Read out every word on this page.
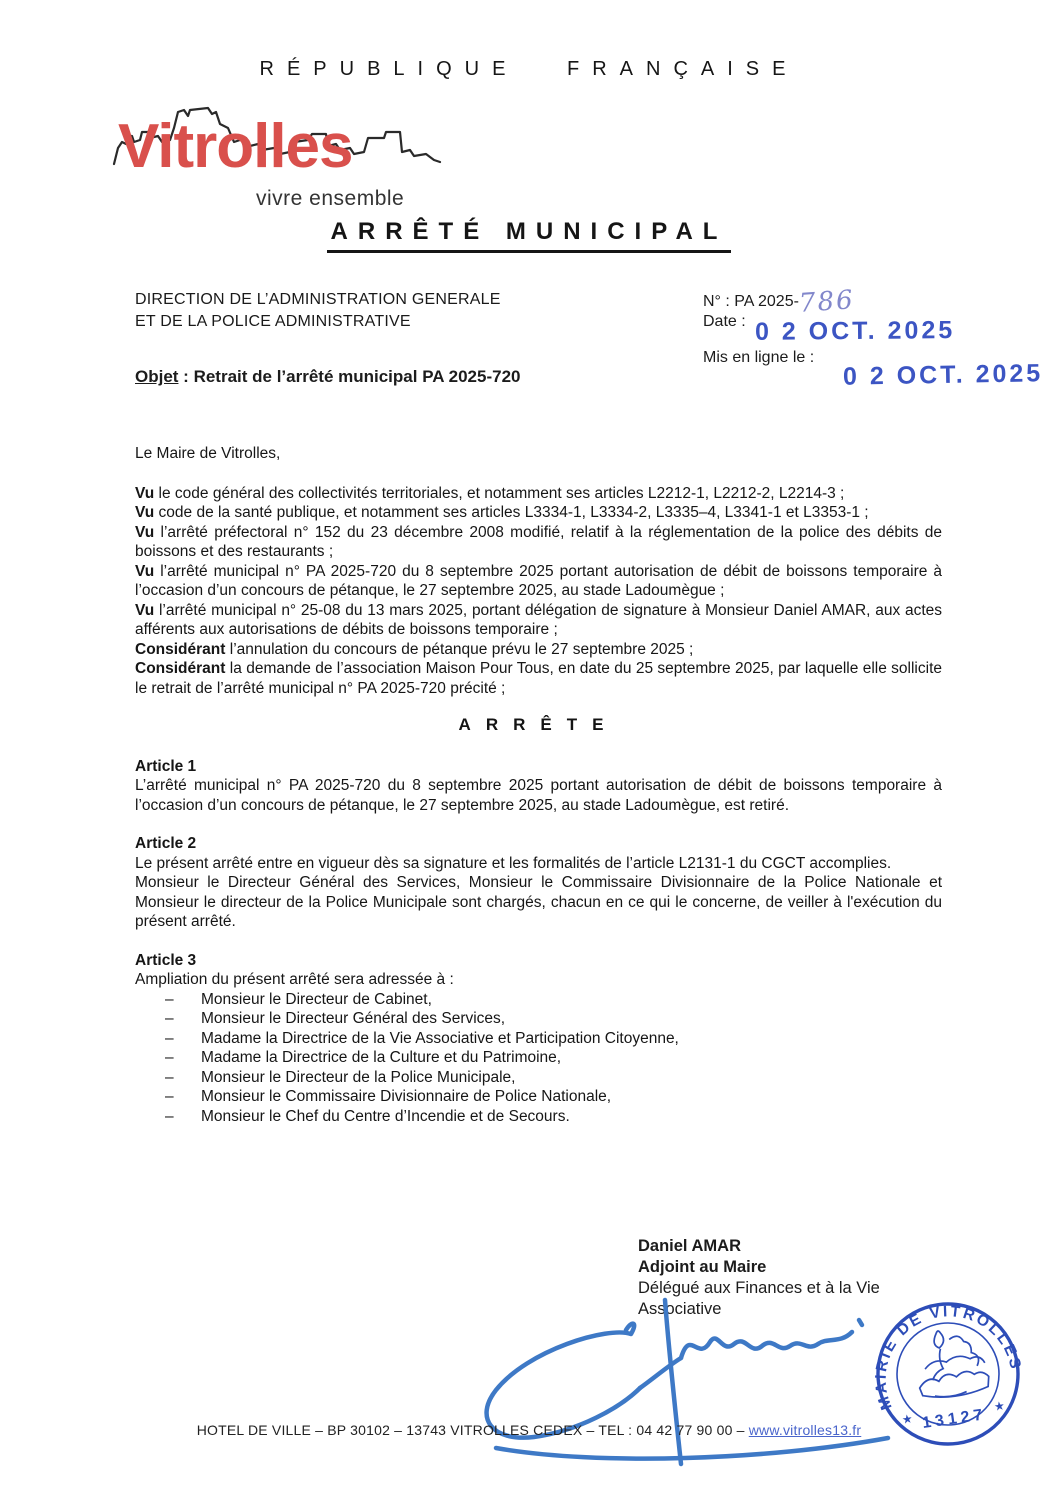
RÉPUBLIQUE FRANÇAISE
Vitrolles
vivre ensemble
ARRÊTÉ MUNICIPAL
DIRECTION DE L’ADMINISTRATION GENERALE
ET DE LA POLICE ADMINISTRATIVE
N° : PA 2025-786
Date : 0 2 OCT. 2025
Mis en ligne le :
0 2 OCT. 2025
Objet : Retrait de l’arrêté municipal PA 2025-720

Le Maire de Vitrolles,

Vu le code général des collectivités territoriales, et notamment ses articles L2212-1, L2212-2, L2214-3 ;

Vu code de la santé publique, et notamment ses articles L3334-1, L3334-2, L3335–4, L3341-1 et L3353-1 ;

Vu l’arrêté préfectoral n° 152 du 23 décembre 2008 modifié, relatif à la réglementation de la police des débits de boissons et des restaurants ;

Vu l’arrêté municipal n° PA 2025-720 du 8 septembre 2025 portant autorisation de débit de boissons temporaire à l’occasion d’un concours de pétanque, le 27 septembre 2025, au stade Ladoumègue ;

Vu l’arrêté municipal n° 25-08 du 13 mars 2025, portant délégation de signature à Monsieur Daniel AMAR, aux actes afférents aux autorisations de débits de boissons temporaire ;

Considérant l’annulation du concours de pétanque prévu le 27 septembre 2025 ;

Considérant la demande de l’association Maison Pour Tous, en date du 25 septembre 2025, par laquelle elle sollicite le retrait de l’arrêté municipal n° PA 2025-720 précité ;

ARRÊTE
Article 1

L’arrêté municipal n° PA 2025-720 du 8 septembre 2025 portant autorisation de débit de boissons temporaire à l’occasion d’un concours de pétanque, le 27 septembre 2025, au stade Ladoumègue, est retiré.

Article 2

Le présent arrêté entre en vigueur dès sa signature et les formalités de l’article L2131-1 du CGCT accomplies.

Monsieur le Directeur Général des Services, Monsieur le Commissaire Divisionnaire de la Police Nationale et Monsieur le directeur de la Police Municipale sont chargés, chacun en ce qui le concerne, de veiller à l'exécution du présent arrêté.

Article 3

Ampliation du présent arrêté sera adressée à :

– Monsieur le Directeur de Cabinet,
– Monsieur le Directeur Général des Services,
– Madame la Directrice de la Vie Associative et Participation Citoyenne,
– Madame la Directrice de la Culture et du Patrimoine,
– Monsieur le Directeur de la Police Municipale,
– Monsieur le Commissaire Divisionnaire de Police Nationale,
– Monsieur le Chef du Centre d’Incendie et de Secours.
Daniel AMAR
Adjoint au Maire
Délégué aux Finances et à la Vie
Associative
MAIRIE DE VITROLLES
13127
★
★
HOTEL DE VILLE – BP 30102 – 13743 VITROLLES CEDEX – TEL : 04 42 77 90 00 – www.vitrolles13.fr
